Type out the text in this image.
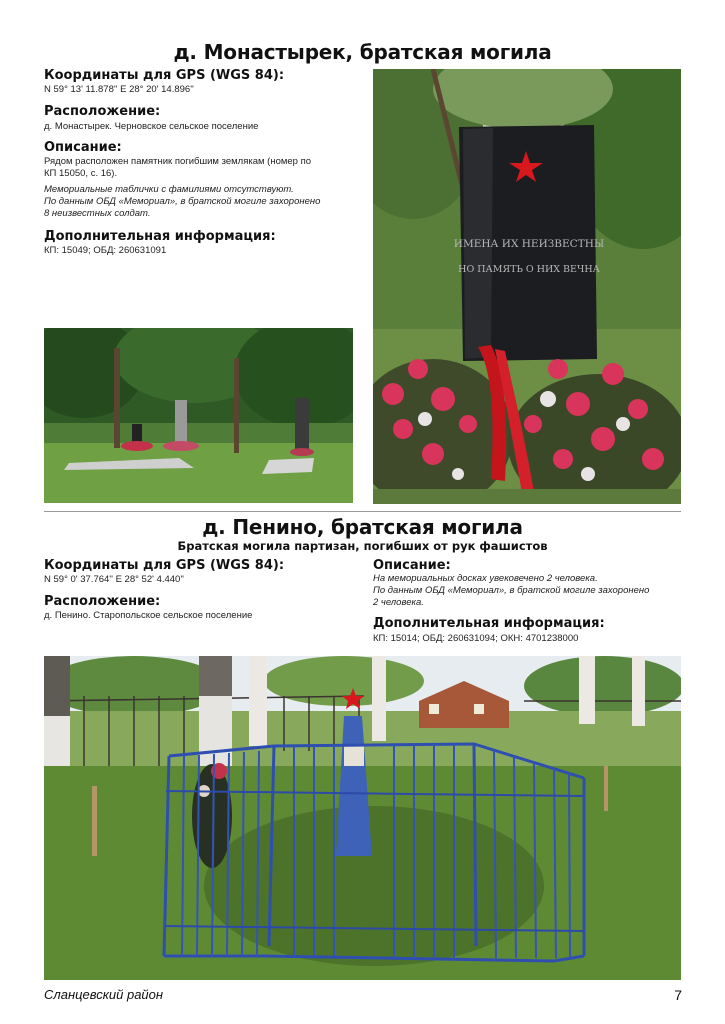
д. Монастырек, братская могила
Координаты для GPS (WGS 84):
N 59° 13' 11.878'' E 28° 20' 14.896''
Расположение:
д. Монастырек. Черновское сельское поселение
Описание:
Рядом расположен памятник погибшим землякам (номер по
КП 15050, с. 16).
Мемориальные таблички с фамилиями отсутствуют.
По данным ОБД «Мемориал», в братской могиле захоронено
8 неизвестных солдат.
Дополнительная информация:
КП: 15049; ОБД: 260631091
ИМЕНА ИХ НЕИЗВЕСТНЫ
НО ПАМЯТЬ О НИХ ВЕЧНА
д. Пенино, братская могила
Братская могила партизан, погибших от рук фашистов
Координаты для GPS (WGS 84):
N 59° 0' 37.764'' E 28° 52' 4.440''
Расположение:
д. Пенино. Старопольское сельское поселение
Описание:
На мемориальных досках увековечено 2 человека.
По данным ОБД «Мемориал», в братской могиле захоронено
2 человека.
Дополнительная информация:
КП: 15014; ОБД: 260631094; ОКН: 4701238000
Сланцевский район	7
